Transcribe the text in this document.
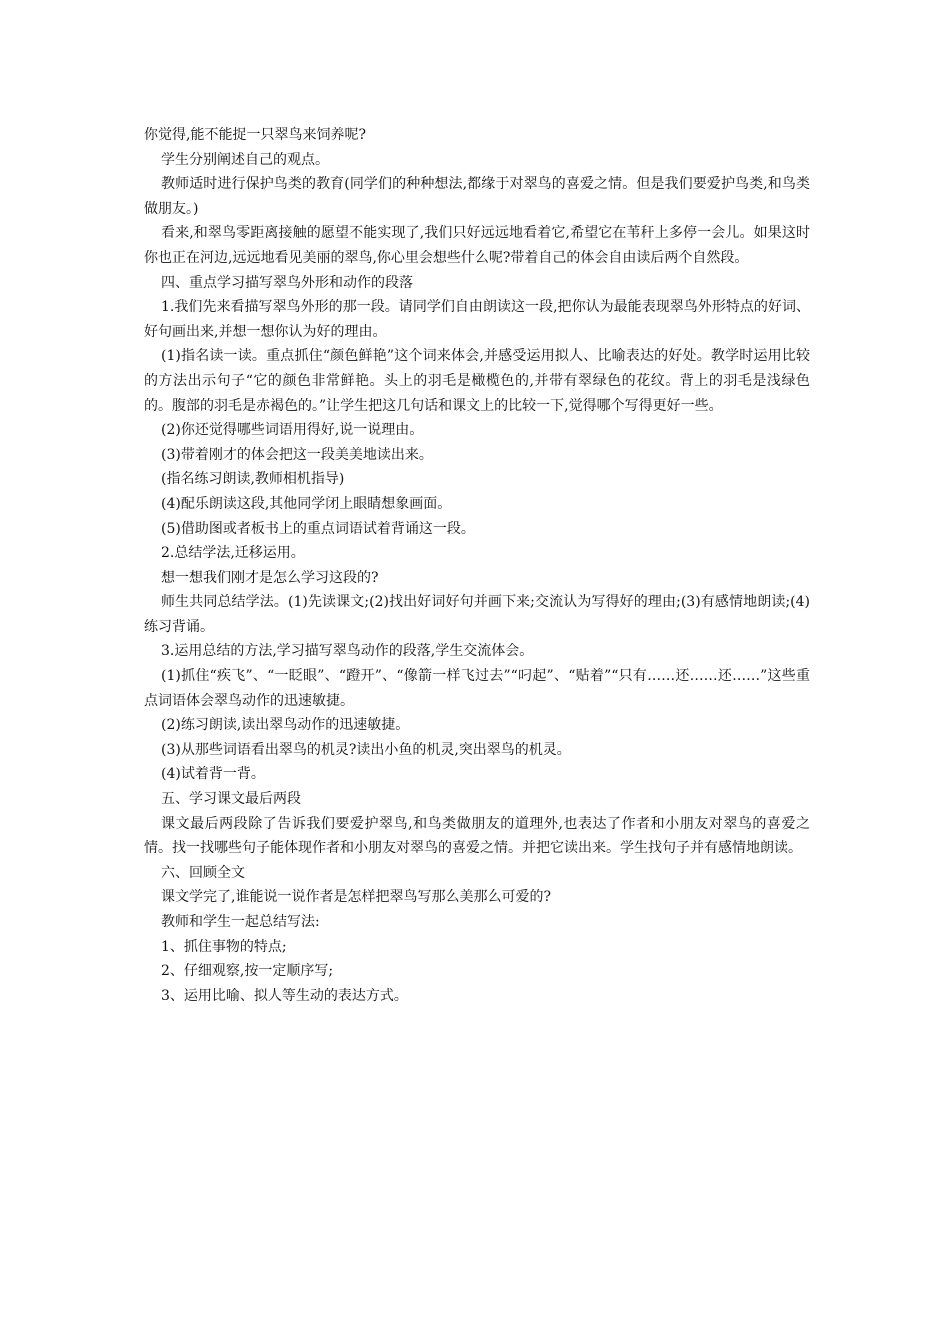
你觉得,能不能捉一只翠鸟来饲养呢?

学生分别阐述自己的观点。

教师适时进行保护鸟类的教育(同学们的种种想法,都缘于对翠鸟的喜爱之情。但是我们要爱护鸟类,和鸟类做朋友。)

看来,和翠鸟零距离接触的愿望不能实现了,我们只好远远地看着它,希望它在苇秆上多停一会儿。如果这时你也正在河边,远远地看见美丽的翠鸟,你心里会想些什么呢?带着自己的体会自由读后两个自然段。

四、重点学习描写翠鸟外形和动作的段落

1.我们先来看描写翠鸟外形的那一段。请同学们自由朗读这一段,把你认为最能表现翠鸟外形特点的好词、好句画出来,并想一想你认为好的理由。

(1)指名读一读。重点抓住“颜色鲜艳”这个词来体会,并感受运用拟人、比喻表达的好处。教学时运用比较的方法出示句子“它的颜色非常鲜艳。头上的羽毛是橄榄色的,并带有翠绿色的花纹。背上的羽毛是浅绿色的。腹部的羽毛是赤褐色的。”让学生把这几句话和课文上的比较一下,觉得哪个写得更好一些。

(2)你还觉得哪些词语用得好,说一说理由。

(3)带着刚才的体会把这一段美美地读出来。

(指名练习朗读,教师相机指导)

(4)配乐朗读这段,其他同学闭上眼睛想象画面。

(5)借助图或者板书上的重点词语试着背诵这一段。

2.总结学法,迁移运用。

想一想我们刚才是怎么学习这段的?

师生共同总结学法。(1)先读课文;(2)找出好词好句并画下来;交流认为写得好的理由;(3)有感情地朗读;(4)练习背诵。

3.运用总结的方法,学习描写翠鸟动作的段落,学生交流体会。

(1)抓住“疾飞”、“一眨眼”、“蹬开”、“像箭一样飞过去”“叼起”、“贴着”“只有……还……还……”这些重点词语体会翠鸟动作的迅速敏捷。

(2)练习朗读,读出翠鸟动作的迅速敏捷。

(3)从那些词语看出翠鸟的机灵?读出小鱼的机灵,突出翠鸟的机灵。

(4)试着背一背。

五、学习课文最后两段

课文最后两段除了告诉我们要爱护翠鸟,和鸟类做朋友的道理外,也表达了作者和小朋友对翠鸟的喜爱之情。找一找哪些句子能体现作者和小朋友对翠鸟的喜爱之情。并把它读出来。学生找句子并有感情地朗读。

六、回顾全文

课文学完了,谁能说一说作者是怎样把翠鸟写那么美那么可爱的?

教师和学生一起总结写法:

1、抓住事物的特点;

2、仔细观察,按一定顺序写;

3、运用比喻、拟人等生动的表达方式。
